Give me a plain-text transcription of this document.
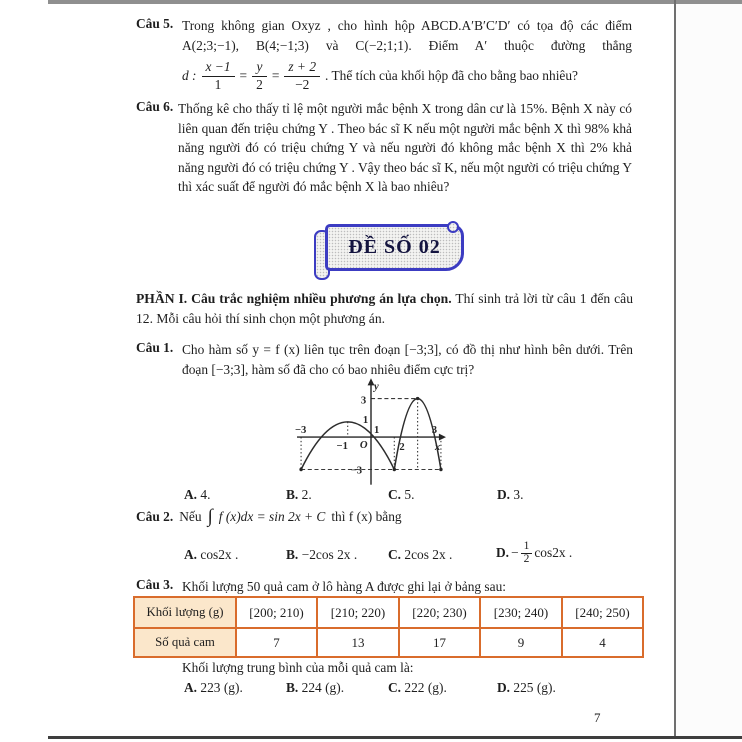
Câu 5. Trong không gian Oxyz , cho hình hộp ABCD.A′B′C′D′ có tọa độ các điểm A(2;3;−1), B(4;−1;3) và C(−2;1;1). Điểm A′ thuộc đường thẳng
d : $\frac{x -1}{1} = \frac{y}{2} = \frac{z + 2}{-2}$ . Thể tích của khối hộp đã cho bằng bao nhiêu?
Câu 6. Thống kê cho thấy tỉ lệ một người mắc bệnh X trong dân cư là 15%. Bệnh X này có liên quan đến triệu chứng Y . Theo bác sĩ K nếu một người mắc bệnh X thì 98% khả năng người đó có triệu chứng Y và nếu người đó không mắc bệnh X thì 2% khả năng người đó có triệu chứng Y . Vậy theo bác sĩ K, nếu một người có triệu chứng Y thì xác suất để người đó mắc bệnh X là bao nhiêu?
ĐỀ SỐ 02
PHẦN I. Câu trắc nghiệm nhiều phương án lựa chọn. Thí sinh trả lời từ câu 1 đến câu 12. Mỗi câu hỏi thí sinh chọn một phương án.
Câu 1. Cho hàm số y = f (x) liên tục trên đoạn [−3;3], có đồ thị như hình bên dưới. Trên đoạn [−3;3], hàm số đã cho có bao nhiêu điểm cực trị?
y
x
O
3
1
−3
−3
−1
1
2
3
A. 4.	B. 2.	C. 5.	D. 3.
Câu 2. Nếu ∫ f (x)dx = sin 2x + C thì f (x) bằng
A. cos2x .	B. −2cos 2x . C. 2cos 2x .	D. − $\frac{1}{2} \cos 2x$ .
Câu 3. Khối lượng 50 quả cam ở lô hàng A được ghi lại ở bảng sau:
Khối lượng (g)	[200; 210)	[210; 220)	[220; 230)	[230; 240)	[240; 250)
Số quả cam	7	13	17	9	4
Khối lượng trung bình của mỗi quả cam là:
A. 223 (g).	B. 224 (g).	C. 222 (g).	D. 225 (g).
7
